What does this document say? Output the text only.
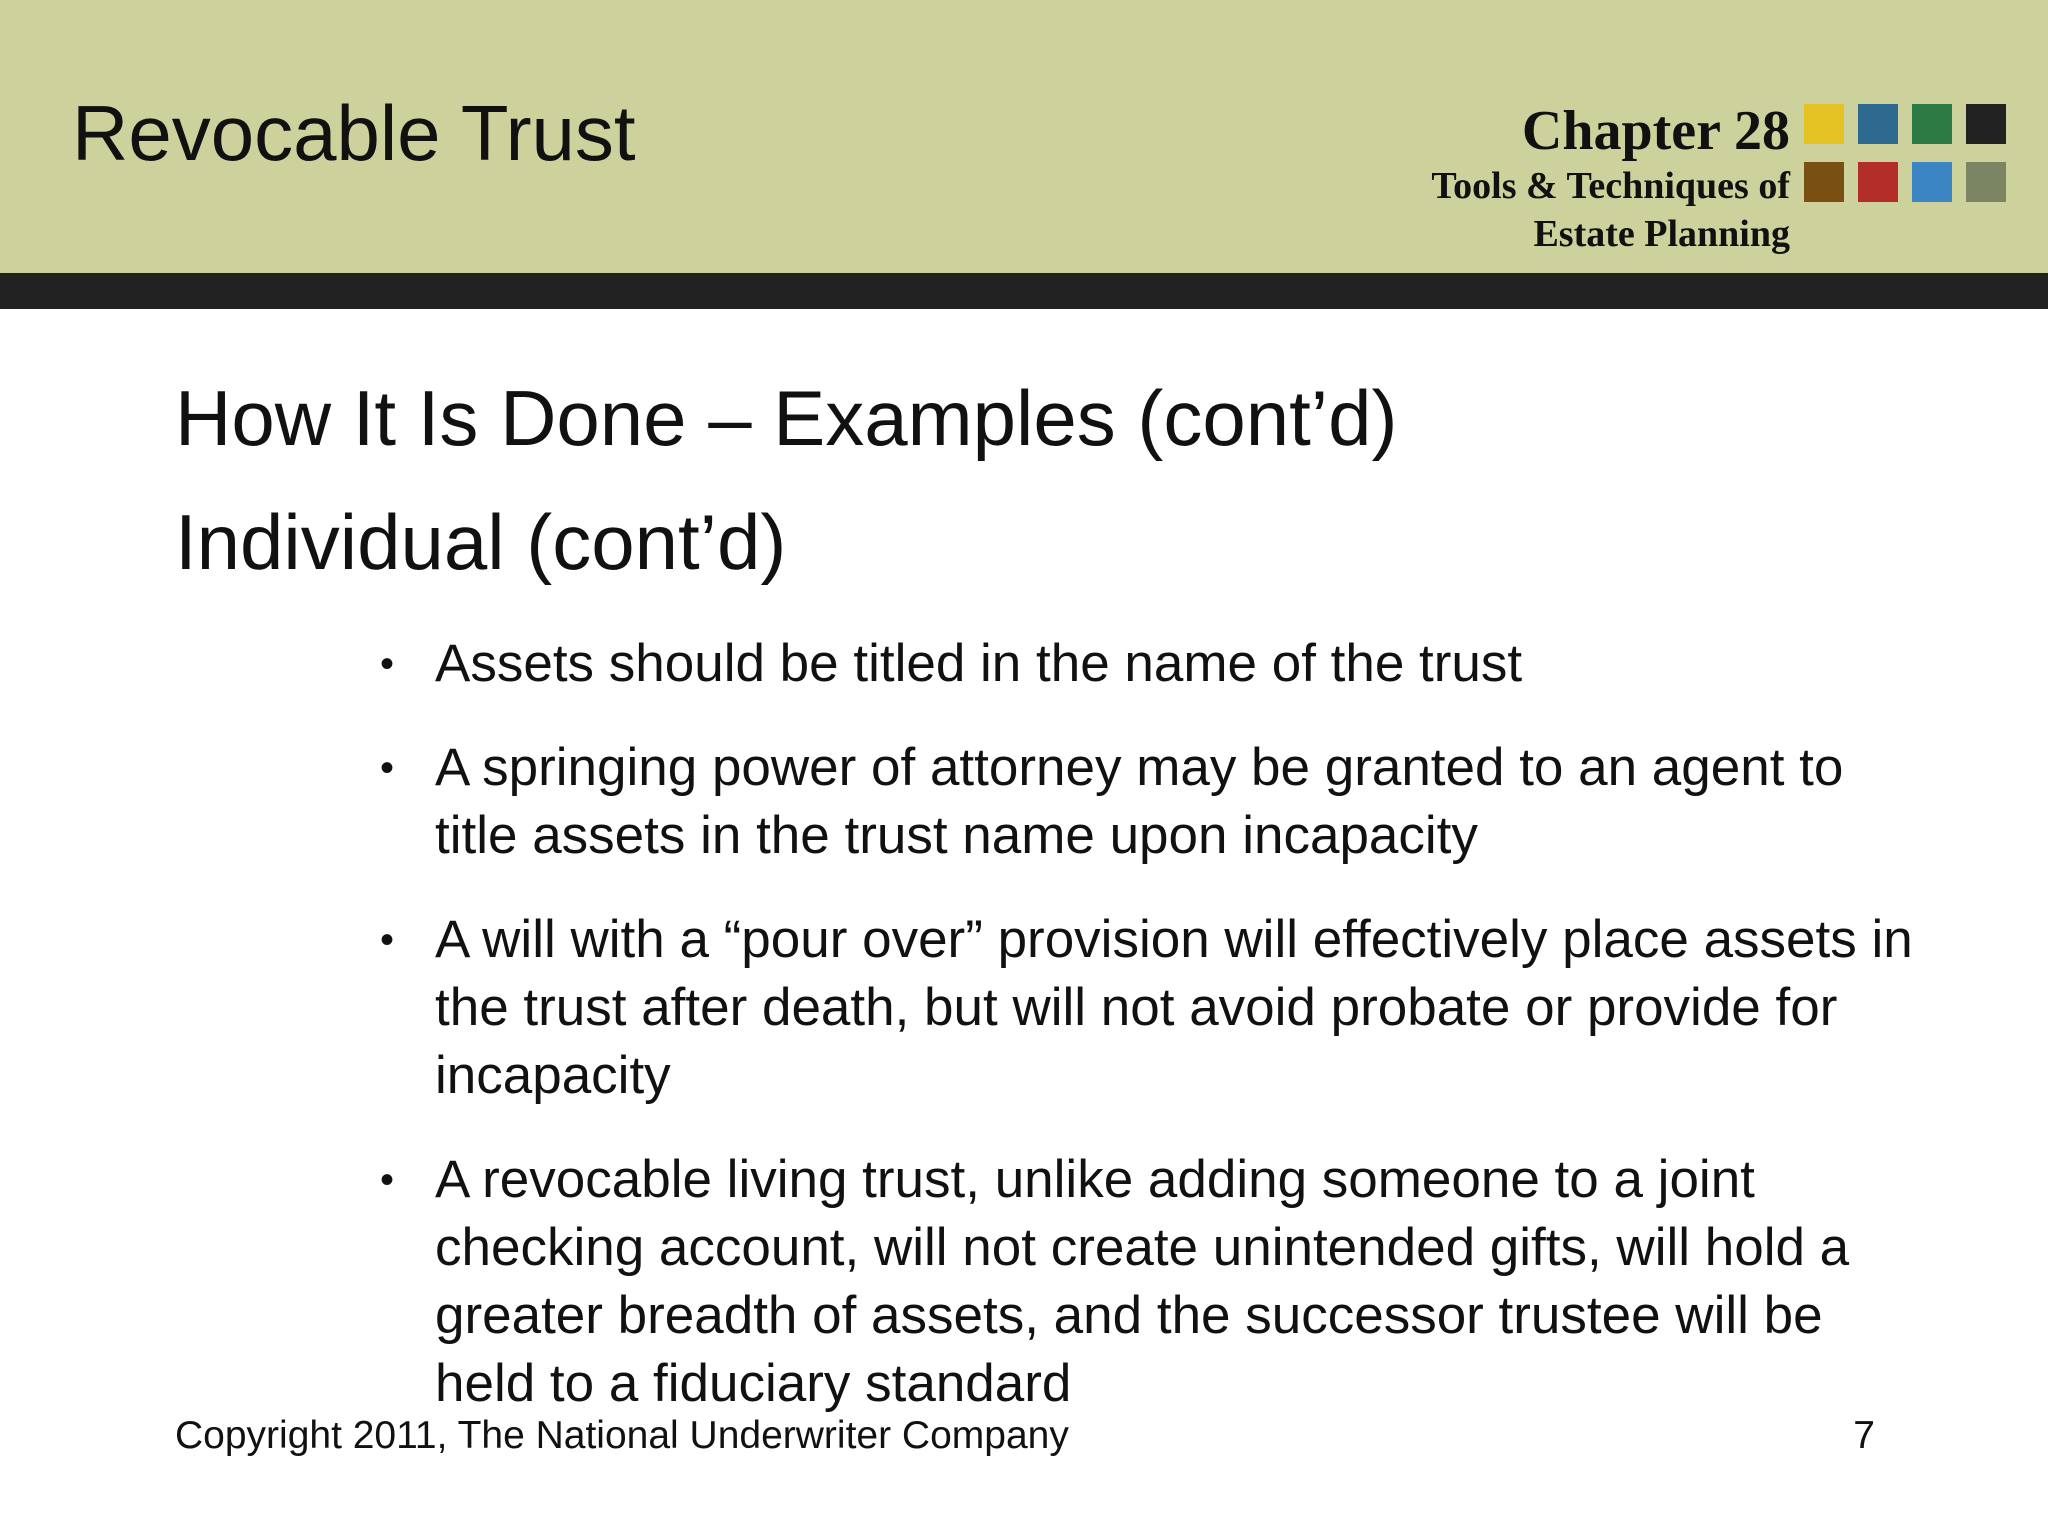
Revocable Trust	Chapter 28
Tools & Techniques of
Estate Planning
How It Is Done – Examples (cont’d)
Individual (cont’d)
• Assets should be titled in the name of the trust
• A springing power of attorney may be granted to an agent to title assets in the trust name upon incapacity
• A will with a “pour over” provision will effectively place assets in the trust after death, but will not avoid probate or provide for incapacity
• A revocable living trust, unlike adding someone to a joint checking account, will not create unintended gifts, will hold a greater breadth of assets, and the successor trustee will be held to a fiduciary standard
Copyright 2011, The National Underwriter Company	7
